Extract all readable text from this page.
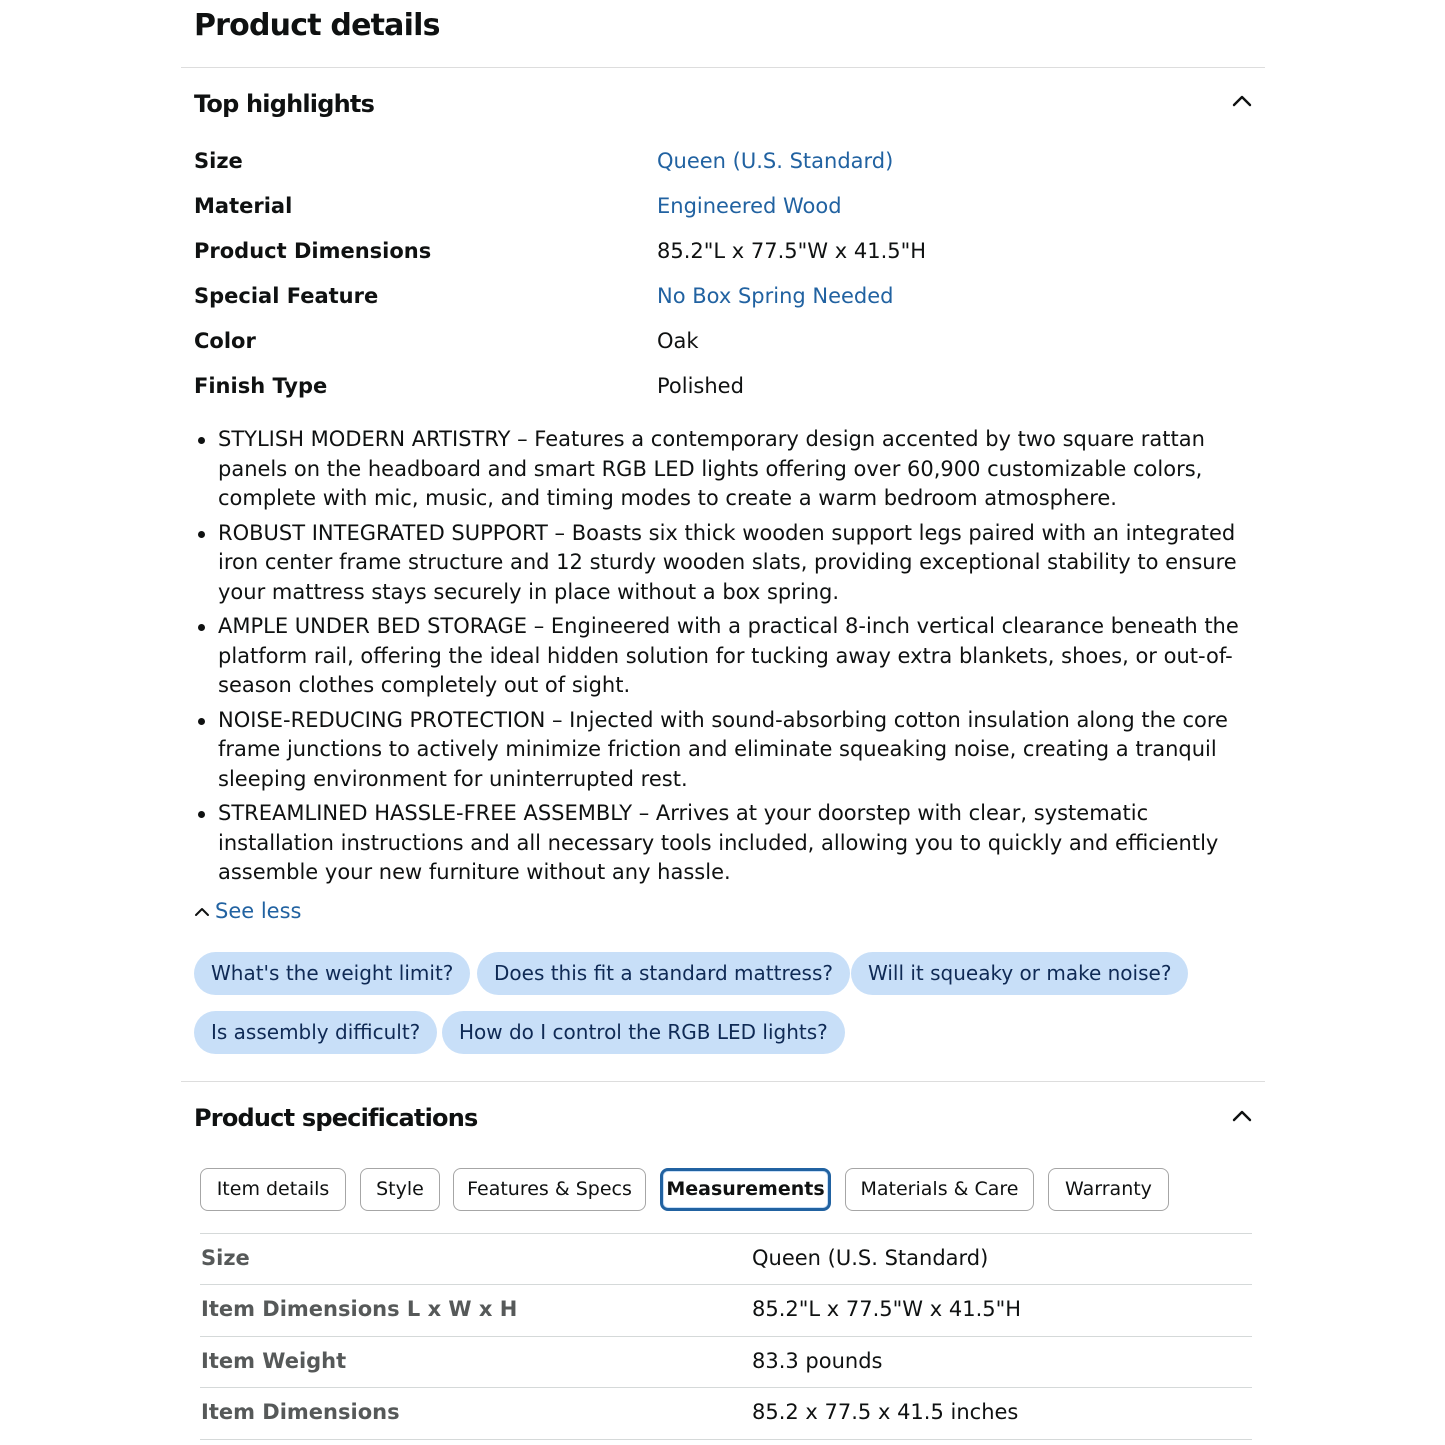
Product details
Top highlights
Size	Queen (U.S. Standard)
Material	Engineered Wood
Product Dimensions	85.2"L x 77.5"W x 41.5"H
Special Feature	No Box Spring Needed
Color	Oak
Finish Type	Polished
STYLISH MODERN ARTISTRY – Features a contemporary design accented by two square rattan panels on the headboard and smart RGB LED lights offering over 60,900 customizable colors, complete with mic, music, and timing modes to create a warm bedroom atmosphere.
ROBUST INTEGRATED SUPPORT – Boasts six thick wooden support legs paired with an integrated iron center frame structure and 12 sturdy wooden slats, providing exceptional stability to ensure your mattress stays securely in place without a box spring.
AMPLE UNDER BED STORAGE – Engineered with a practical 8-inch vertical clearance beneath the platform rail, offering the ideal hidden solution for tucking away extra blankets, shoes, or out-of-season clothes completely out of sight.
NOISE-REDUCING PROTECTION – Injected with sound-absorbing cotton insulation along the core frame junctions to actively minimize friction and eliminate squeaking noise, creating a tranquil sleeping environment for uninterrupted rest.
STREAMLINED HASSLE-FREE ASSEMBLY – Arrives at your doorstep with clear, systematic installation instructions and all necessary tools included, allowing you to quickly and efficiently assemble your new furniture without any hassle.
See less
What's the weight limit?	Does this fit a standard mattress?	Will it squeaky or make noise?
Is assembly difficult?	How do I control the RGB LED lights?
Product specifications
Item details	Style	Features & Specs	Measurements	Materials & Care	Warranty
Size	Queen (U.S. Standard)
Item Dimensions L x W x H	85.2"L x 77.5"W x 41.5"H
Item Weight	83.3 pounds
Item Dimensions	85.2 x 77.5 x 41.5 inches
